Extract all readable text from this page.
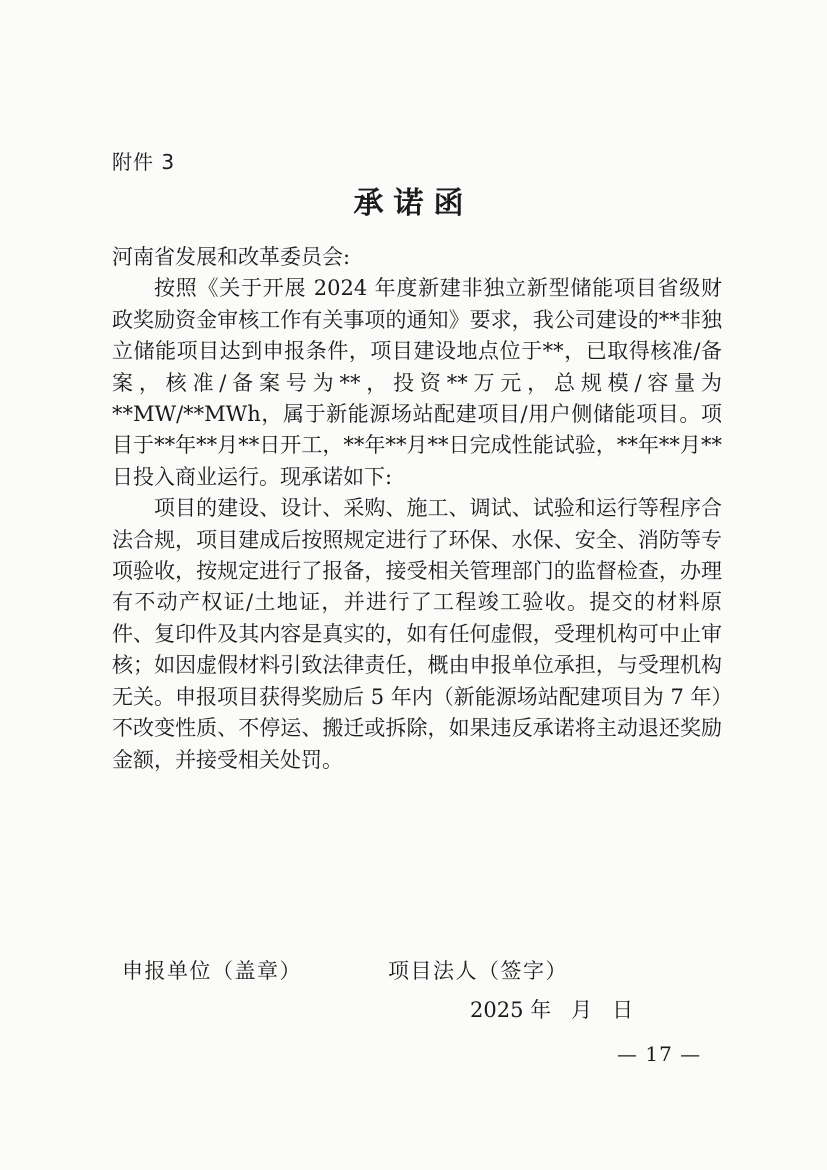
附件 3
承诺函

河南省发展和改革委员会:

按照《关于开展 2024 年度新建非独立新型储能项目省级财政奖励资金审核工作有关事项的通知》要求，我公司建设的**非独立储能项目达到申报条件，项目建设地点位于**，已取得核准/备案，核准/备案号为**，投资**万元，总规模/容量为**MW/**MWh，属于新能源场站配建项目/用户侧储能项目。项目于**年**月**日开工，**年**月**日完成性能试验，**年**月**日投入商业运行。现承诺如下:

项目的建设、设计、采购、施工、调试、试验和运行等程序合法合规，项目建成后按照规定进行了环保、水保、安全、消防等专项验收，按规定进行了报备，接受相关管理部门的监督检查，办理有不动产权证/土地证，并进行了工程竣工验收。提交的材料原件、复印件及其内容是真实的，如有任何虚假，受理机构可中止审核；如因虚假材料引致法律责任，概由申报单位承担，与受理机构无关。申报项目获得奖励后 5 年内（新能源场站配建项目为 7 年）不改变性质、不停运、搬迁或拆除，如果违反承诺将主动退还奖励金额，并接受相关处罚。

申报单位（盖章）	项目法人（签字）
2025 年   月   日
— 17 —
